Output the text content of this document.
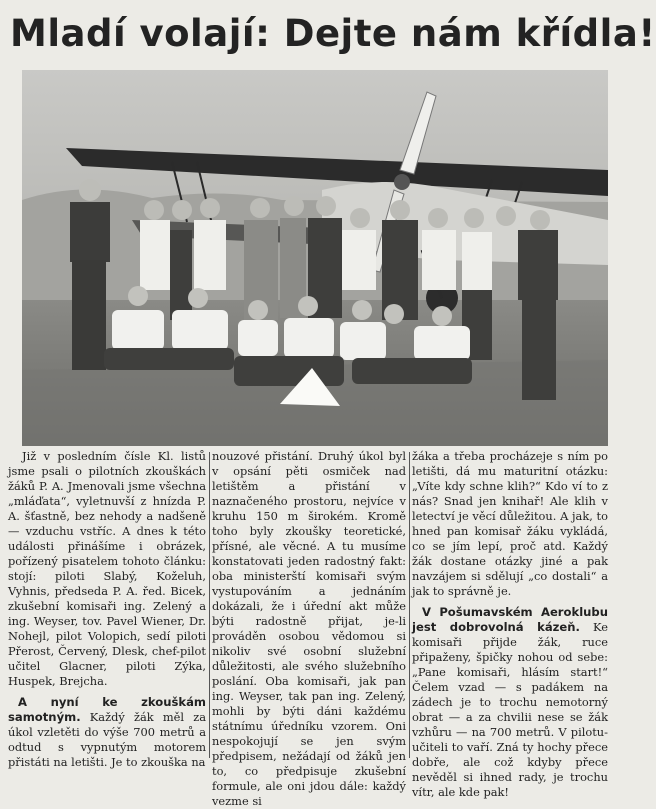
Mladí volají: Dejte nám křídla!

Již v posledním čísle Kl. listů jsme psali o pilotních zkouškách žáků P. A. Jmenovali jsme všechna „mláďata“, vyletnuvší z hnízda P. A. šťastně, bez nehody a nadšeně — vzduchu vstříc. A dnes k této události přinášíme i obrázek, pořízený pisatelem tohoto článku: stojí: piloti Slabý, Koželuh, Vyhnis, předseda P. A. řed. Bicek, zkušební komisaři ing. Zelený a ing. Weyser, tov. Pavel Wiener, Dr. Nohejl, pilot Volopich, sedí piloti Přerost, Červený, Dlesk, chef-pilot učitel Glacner, piloti Zýka, Huspek, Brejcha.

A nyní ke zkouškám samotným. Každý žák měl za úkol vzletěti do výše 700 metrů a odtud s vypnutým motorem přistáti na letišti. Je to zkouška na

nouzové přistání. Druhý úkol byl v opsání pěti osmiček nad letištěm a přistání v naznačeného prostoru, nejvíce v kruhu 150 m širokém. Kromě toho byly zkoušky teoretické, přísné, ale věcné. A tu musíme konstatovati jeden radostný fakt: oba ministerští komisaři svým vystupováním a jednáním dokázali, že i úřední akt může býti radostně přijat, je-li prováděn osobou vědomou si nikoliv své osobní služební důležitosti, ale svého služebního poslání. Oba komisaři, jak pan ing. Weyser, tak pan ing. Zelený, mohli by býti dáni každému státnímu úředníku vzorem. Oni nespokojují se jen svým předpisem, nežádají od žáků jen to, co předpisuje zkušební formule, ale oni jdou dále: každý vezme si

žáka a třeba procházeje s ním po letišti, dá mu maturitní otázku: „Víte kdy schne klih?“ Kdo ví to z nás? Snad jen knihař! Ale klih v letectví je věcí důležitou. A jak, to hned pan komisař žáku vykládá, co se jím lepí, proč atd. Každý žák dostane otázky jiné a pak navzájem si sdělují „co dostali“ a jak to správně je.

V Pošumavském Aeroklubu jest dobrovolná kázeň. Ke komisaři přijde žák, ruce připaženy, špičky nohou od sebe: „Pane komisaři, hlásím start!“ Čelem vzad — s padákem na zádech je to trochu nemotorný obrat — a za chvilii nese se žák vzhůru — na 700 metrů. V pilotu-učiteli to vaří. Zná ty hochy přece dobře, ale což kdyby přece nevěděl si ihned rady, je trochu vítr, ale kde pak!
